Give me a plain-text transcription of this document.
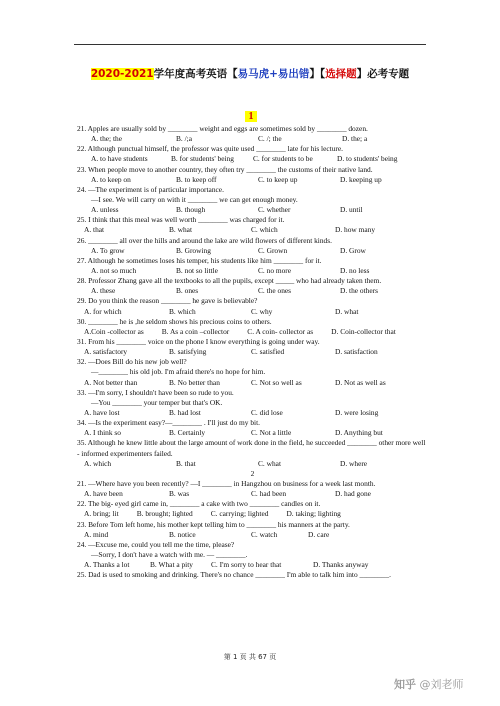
2020-2021学年度高考英语【易马虎+易出错】【选择题】必考专题
1
21. Apples are usually sold by ________ weight and eggs are sometimes sold by ________ dozen.
A. the; the	B. /;a	C. /; the	D. the; a
22. Although punctual himself, the professor was quite used ________ late for his lecture.
A. to have students	B. for students' being	C. for students to be	D. to students' being
23. When people move to another country, they often try ________ the customs of their native land.
A. to keep on	B. to keep off	C. to keep up	D. keeping up
24. —The experiment is of particular importance.
—I see. We will carry on with it ________ we can get enough money.
A. unless	B. though	C. whether	D. until
25. I think that this meal was well worth ________ was charged for it.
A. that	B. what	C. which	D. how many
26. ________ all over the hills and around the lake are wild flowers of different kinds.
A. To grow	B. Growing	C. Grown	D. Grow
27. Although he sometimes loses his temper, his students like him ________ for it.
A. not so much	B. not so little	C. no more	D. no less
28. Professor Zhang gave all the textbooks to all the pupils, except _____ who had already taken them.
A. these	B. ones	C. the ones	D. the others
29. Do you think the reason ________ he gave is believable?
A. for which	B. which	C. why	D. what
30. ________ he is ,he seldom shows his precious coins to others.
A.Coin -collector as B. As a coin –collector C. A coin- collector as D. Coin-collector that
31. From his ________ voice on the phone I know everything is going under way.
A. satisfactory	B. satisfying	C. satisfied	D. satisfaction
32. —Does Bill do his new job well?
—________ his old job. I'm afraid there's no hope for him.
A. Not better than	B. No better than	C. Not so well as	D. Not as well as
33. —I'm sorry, I shouldn't have been so rude to you.
—You ________ your temper but that's OK.
A. have lost	B. had lost	C. did lose	D. were losing
34. —Is the experiment easy?—________ . I'll just do my bit.
A. I think so	B. Certainly	C. Not a little	D. Anything but
35. Although he knew little about the large amount of work done in the field, he succeeded ________ other more well - informed experimenters failed.
A. which	B. that	C. what	D. where
2
21. —Where have you been recently? —I ________ in Hangzhou on business for a week last month.
A. have been	B. was	C. had been	D. had gone
22. The big- eyed girl came in, ________ a cake with two ________ candles on it.
A. bring; lit B. brought; lighted C. carrying; lighted D. taking; lighting
23. Before Tom left home, his mother kept telling him to ________ his manners at the party.
A. mind	B. notice	C. watch	D. care
24. —Excuse me, could you tell me the time, please?
—Sorry, I don't have a watch with me. — ________.
A. Thanks a lot	B. What a pity C. I'm sorry to hear that	D. Thanks anyway
25. Dad is used to smoking and drinking. There's no chance ________ I'm able to talk him into ________.
第 1 页 共 67 页
知乎 @刘老师
